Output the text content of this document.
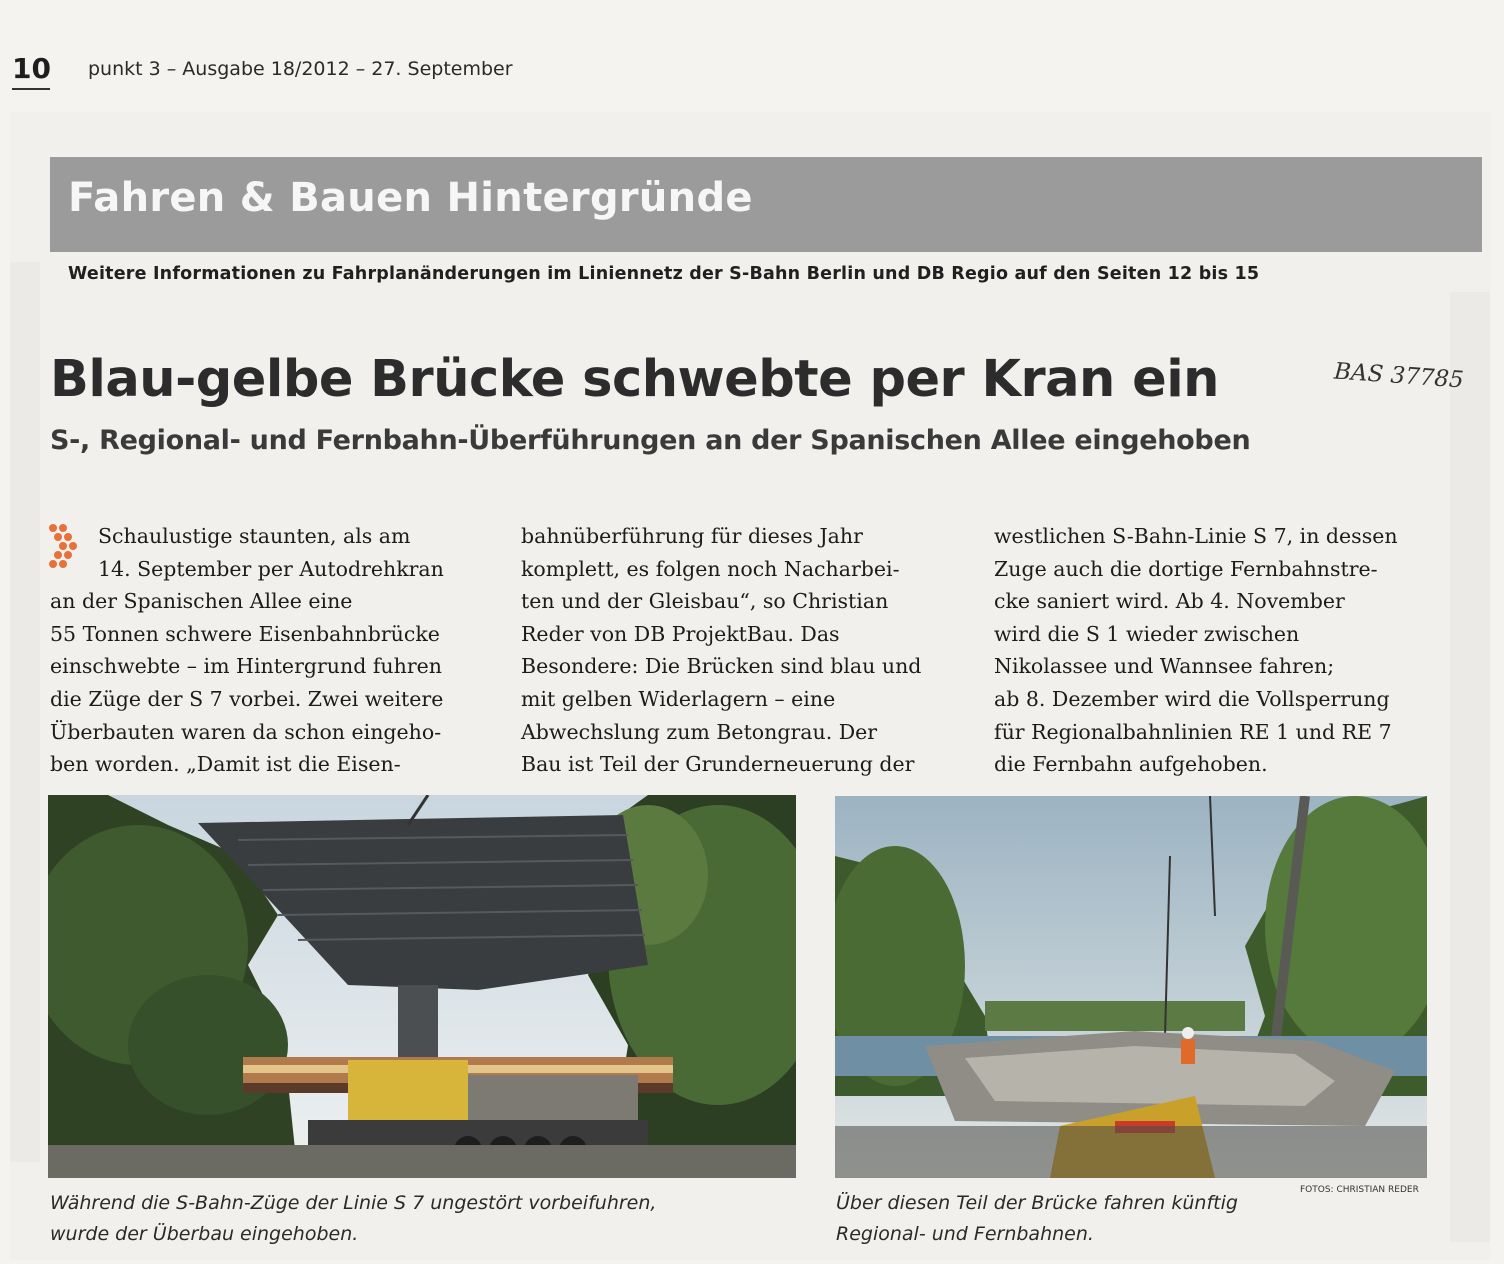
10 punkt 3 – Ausgabe 18/2012 – 27. September
Fahren & Bauen Hintergründe
Weitere Informationen zu Fahrplanänderungen im Liniennetz der S-Bahn Berlin und DB Regio auf den Seiten 12 bis 15
Blau-gelbe Brücke schwebte per Kran ein	BAS 37785
S-, Regional- und Fernbahn-Überführungen an der Spanischen Allee eingehoben
Schaulustige staunten, als am
14. September per Autodrehkran
an der Spanischen Allee eine
55 Tonnen schwere Eisenbahnbrücke
einschwebte – im Hintergrund fuhren
die Züge der S 7 vorbei. Zwei weitere
Überbauten waren da schon eingeho-
ben worden. „Damit ist die Eisen-
bahnüberführung für dieses Jahr
komplett, es folgen noch Nacharbei-
ten und der Gleisbau“, so Christian
Reder von DB ProjektBau. Das
Besondere: Die Brücken sind blau und
mit gelben Widerlagern – eine
Abwechslung zum Betongrau. Der
Bau ist Teil der Grunderneuerung der
westlichen S-Bahn-Linie S 7, in dessen
Zuge auch die dortige Fernbahnstre-
cke saniert wird. Ab 4. November
wird die S 1 wieder zwischen
Nikolassee und Wannsee fahren;
ab 8. Dezember wird die Vollsperrung
für Regionalbahnlinien RE 1 und RE 7
die Fernbahn aufgehoben.
Während die S-Bahn-Züge der Linie S 7 ungestört vorbeifuhren,
wurde der Überbau eingehoben.
Über diesen Teil der Brücke fahren künftig
Regional- und Fernbahnen.
FOTOS: CHRISTIAN REDER
